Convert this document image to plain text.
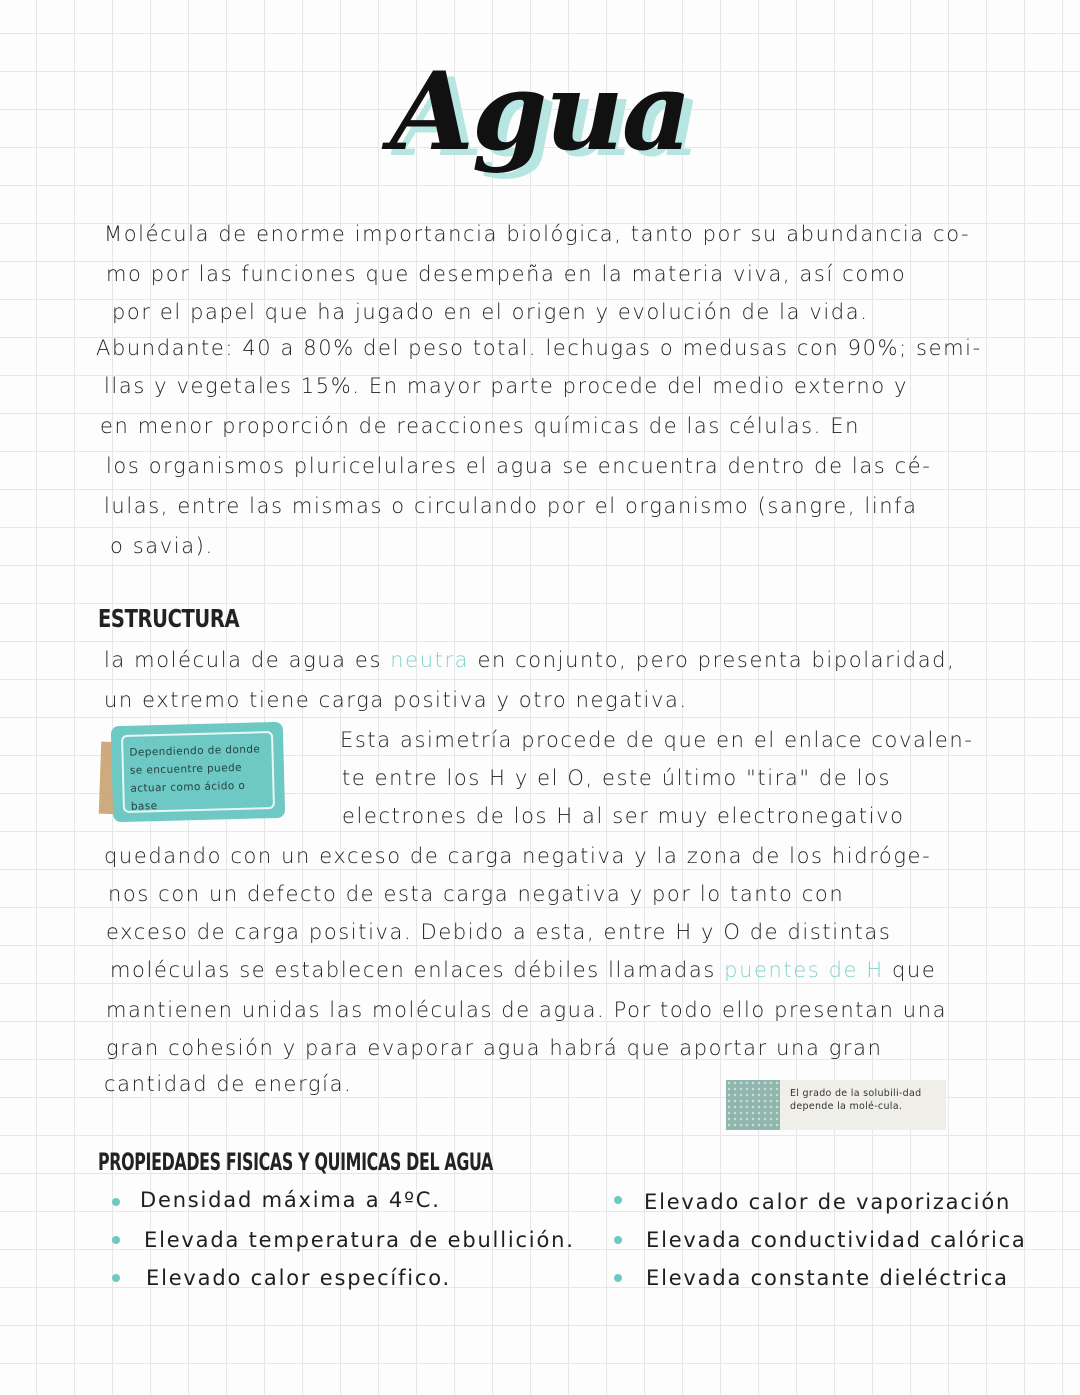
Agua
Molécula de enorme importancia biológica, tanto por su abundancia co-
mo por las funciones que desempeña en la materia viva, así como
por el papel que ha jugado en el origen y evolución de la vida.
Abundante: 40 a 80% del peso total. lechugas o medusas con 90%; semi-
llas y vegetales 15%. En mayor parte procede del medio externo y
en menor proporción de reacciones químicas de las células. En
los organismos pluricelulares el agua se encuentra dentro de las cé-
lulas, entre las mismas o circulando por el organismo (sangre, linfa
o savia).
ESTRUCTURA
la molécula de agua es neutra en conjunto, pero presenta bipolaridad,
un extremo tiene carga positiva y otro negativa.
Dependiendo de donde se encuentre puede actuar como ácido o base
Esta asimetría procede de que en el enlace covalen-
te entre los H y el O, este último "tira" de los
electrones de los H al ser muy electronegativo
quedando con un exceso de carga negativa y la zona de los hidróge-
nos con un defecto de esta carga negativa y por lo tanto con
exceso de carga positiva. Debido a esta, entre H y O de distintas
moléculas se establecen enlaces débiles llamadas puentes de H que
mantienen unidas las moléculas de agua. Por todo ello presentan una
gran cohesión y para evaporar agua habrá que aportar una gran
cantidad de energía.	El grado de la solubili-dad depende la molé-cula.
PROPIEDADES FISICAS Y QUIMICAS DEL AGUA
Densidad máxima a 4ºC.
Elevada temperatura de ebullición.
Elevado calor específico.
Elevado calor de vaporización
Elevada conductividad calórica
Elevada constante dieléctrica
